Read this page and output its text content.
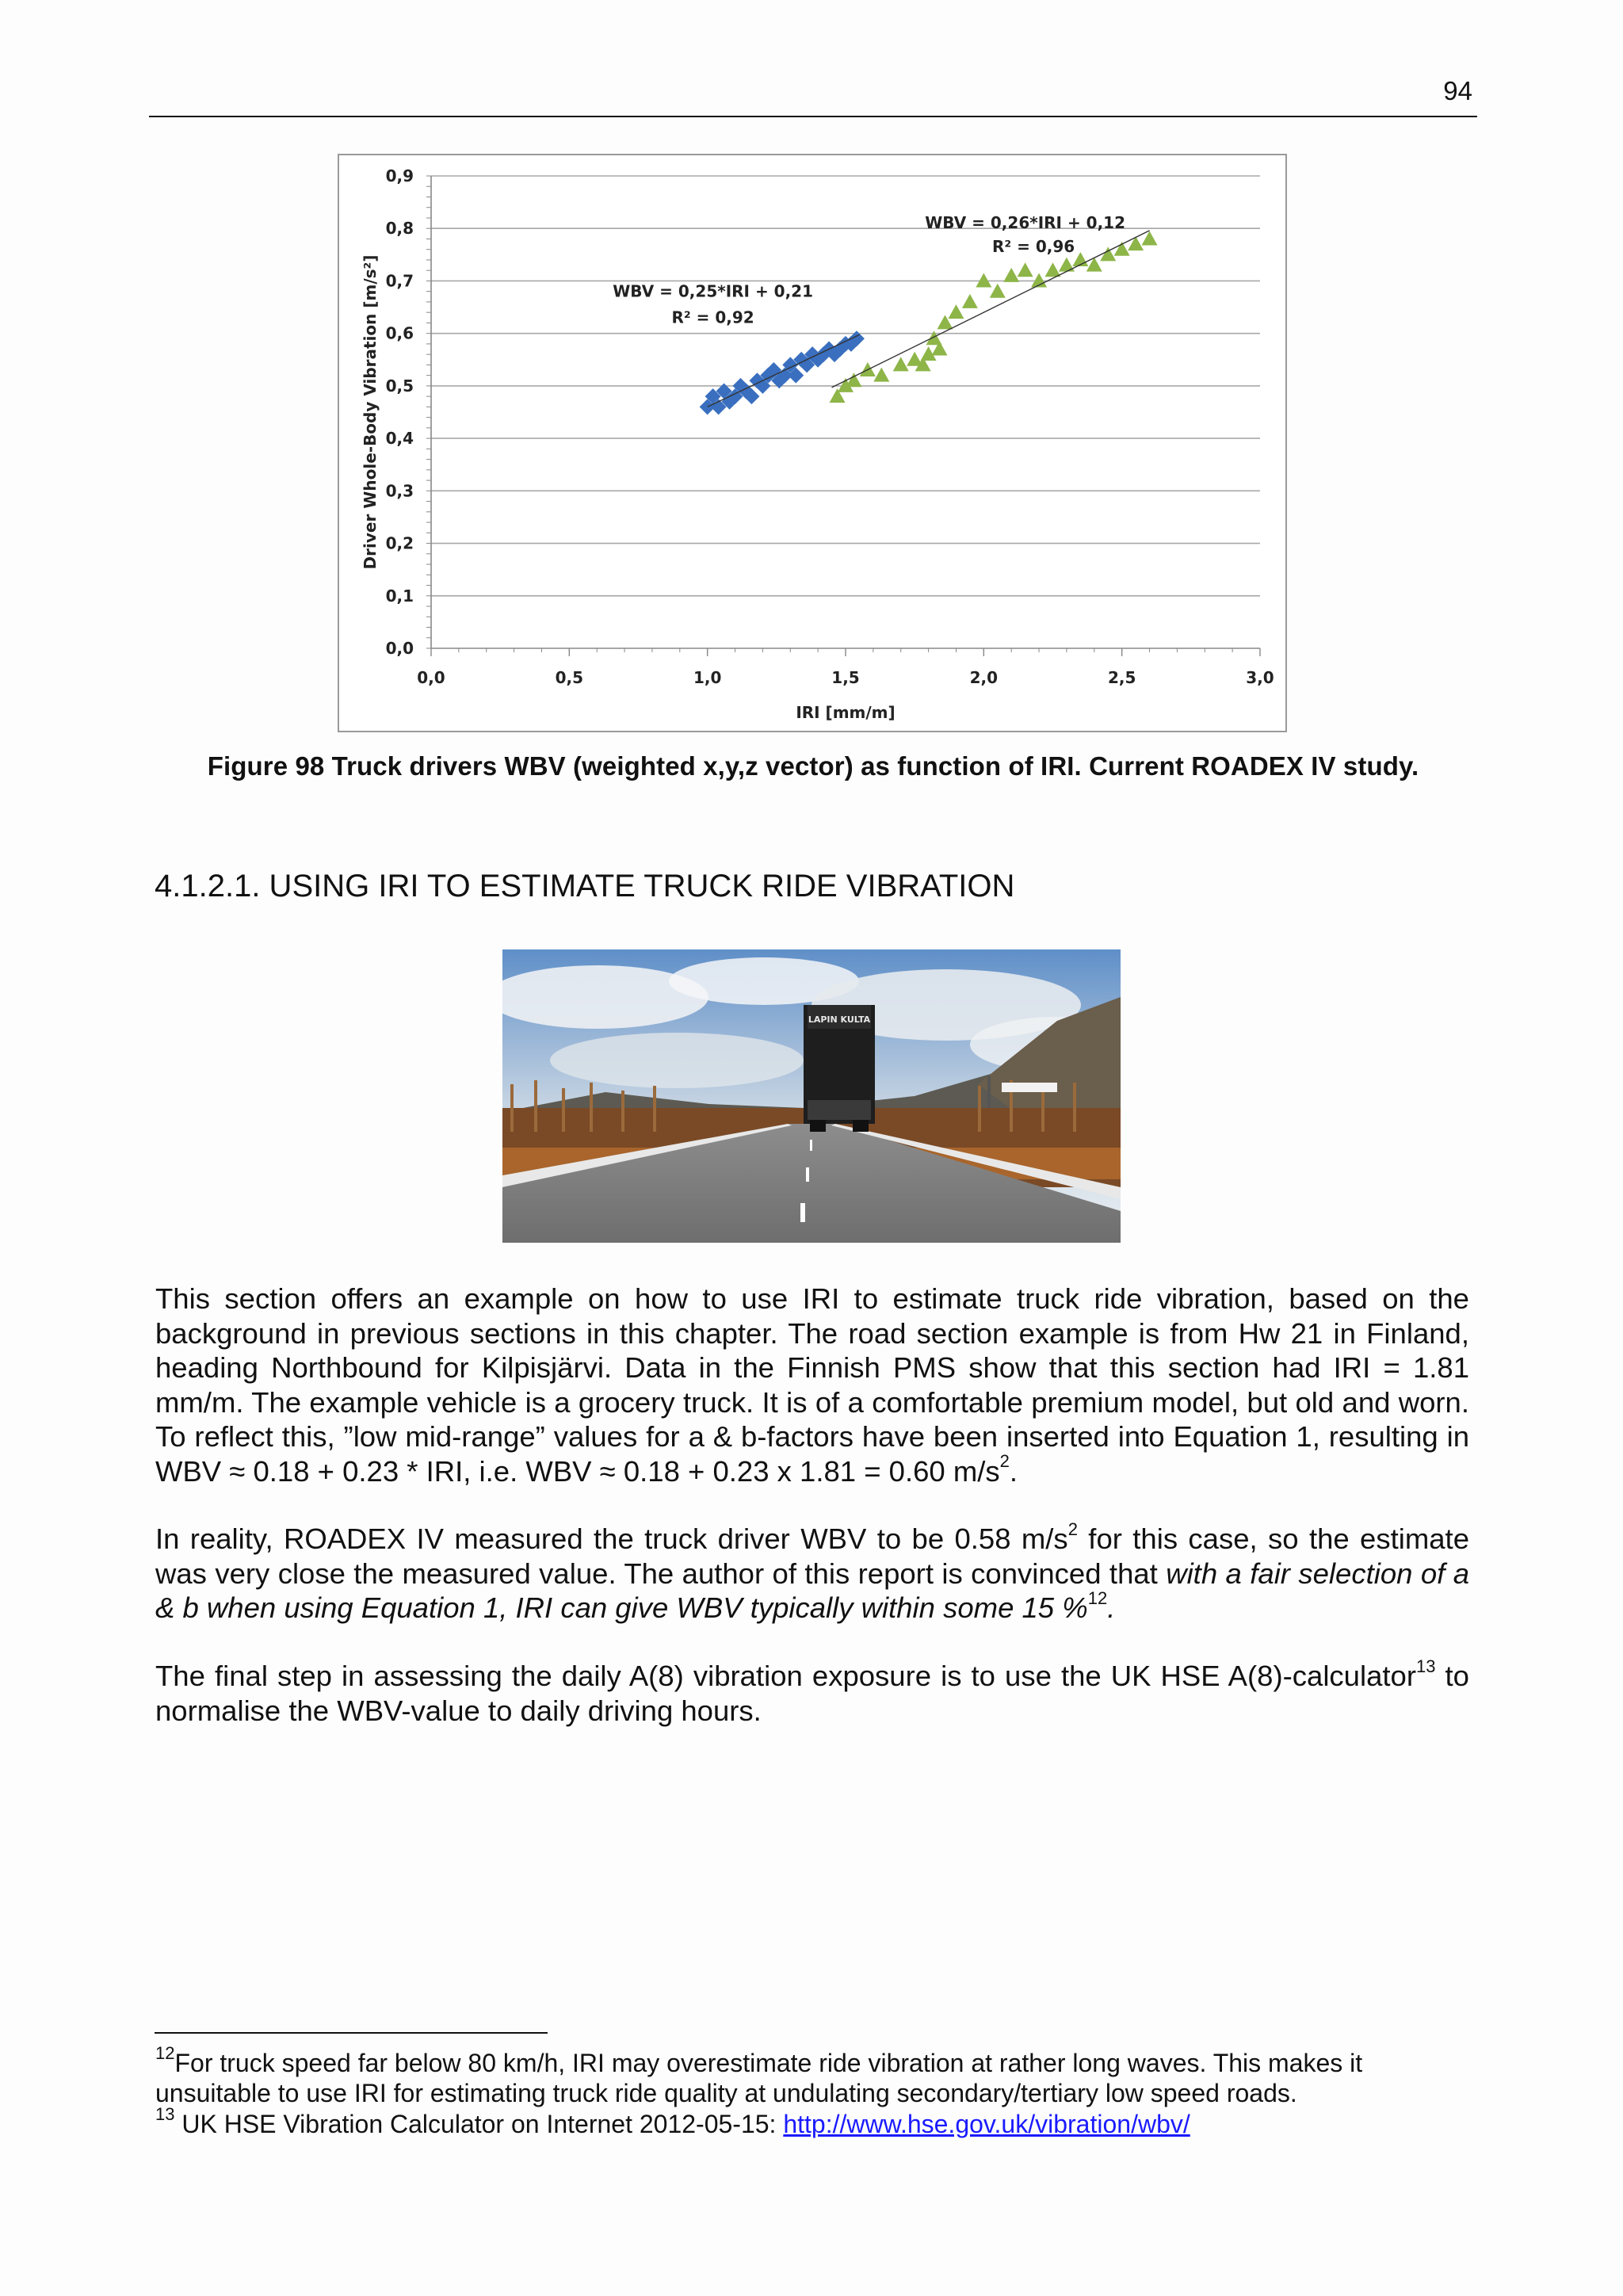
94
0,0
0,1
0,2
0,3
0,4
0,5
0,6
0,7
0,8
0,9
0,0	0,5	1,0	1,5	2,0	2,5	3,0
IRI [mm/m]
Driver Whole-Body Vibration [m/s²]	WBV = 0,25*IRI + 0,21
R² = 0,92
WBV = 0,26*IRI + 0,12
R² = 0,96
Figure 98 Truck drivers WBV (weighted x,y,z vector) as function of IRI. Current ROADEX IV study.
4.1.2.1. USING IRI TO ESTIMATE TRUCK RIDE VIBRATION
LAPIN KULTA

This section offers an example on how to use IRI to estimate truck ride vibration, based on the background in previous sections in this chapter. The road section example is from Hw 21 in Finland, heading Northbound for Kilpisjärvi. Data in the Finnish PMS show that this section had IRI = 1.81 mm/m. The example vehicle is a grocery truck. It is of a comfortable premium model, but old and worn. To reflect this, ”low mid-range” values for a & b-factors have been inserted into Equation 1, resulting in WBV ≈ 0.18 + 0.23 * IRI, i.e. WBV ≈ 0.18 + 0.23 x 1.81 = 0.60 $m/s^2$.

In reality, ROADEX IV measured the truck driver WBV to be 0.58 $m/s^2$ for this case, so the estimate was very close the measured value. The author of this report is convinced that with a fair selection of a & b when using Equation 1, IRI can give WBV typically within some 15 %$^{12}$.

The final step in assessing the daily A(8) vibration exposure is to use the UK HSE A(8)-calculator$^{13}$ to normalise the WBV-value to daily driving hours.

$^{12}$For truck speed far below 80 km/h, IRI may overestimate ride vibration at rather long waves. This makes it unsuitable to use IRI for estimating truck ride quality at undulating secondary/tertiary low speed roads.

$^{13}$ UK HSE Vibration Calculator on Internet 2012-05-15: http://www.hse.gov.uk/vibration/wbv/
